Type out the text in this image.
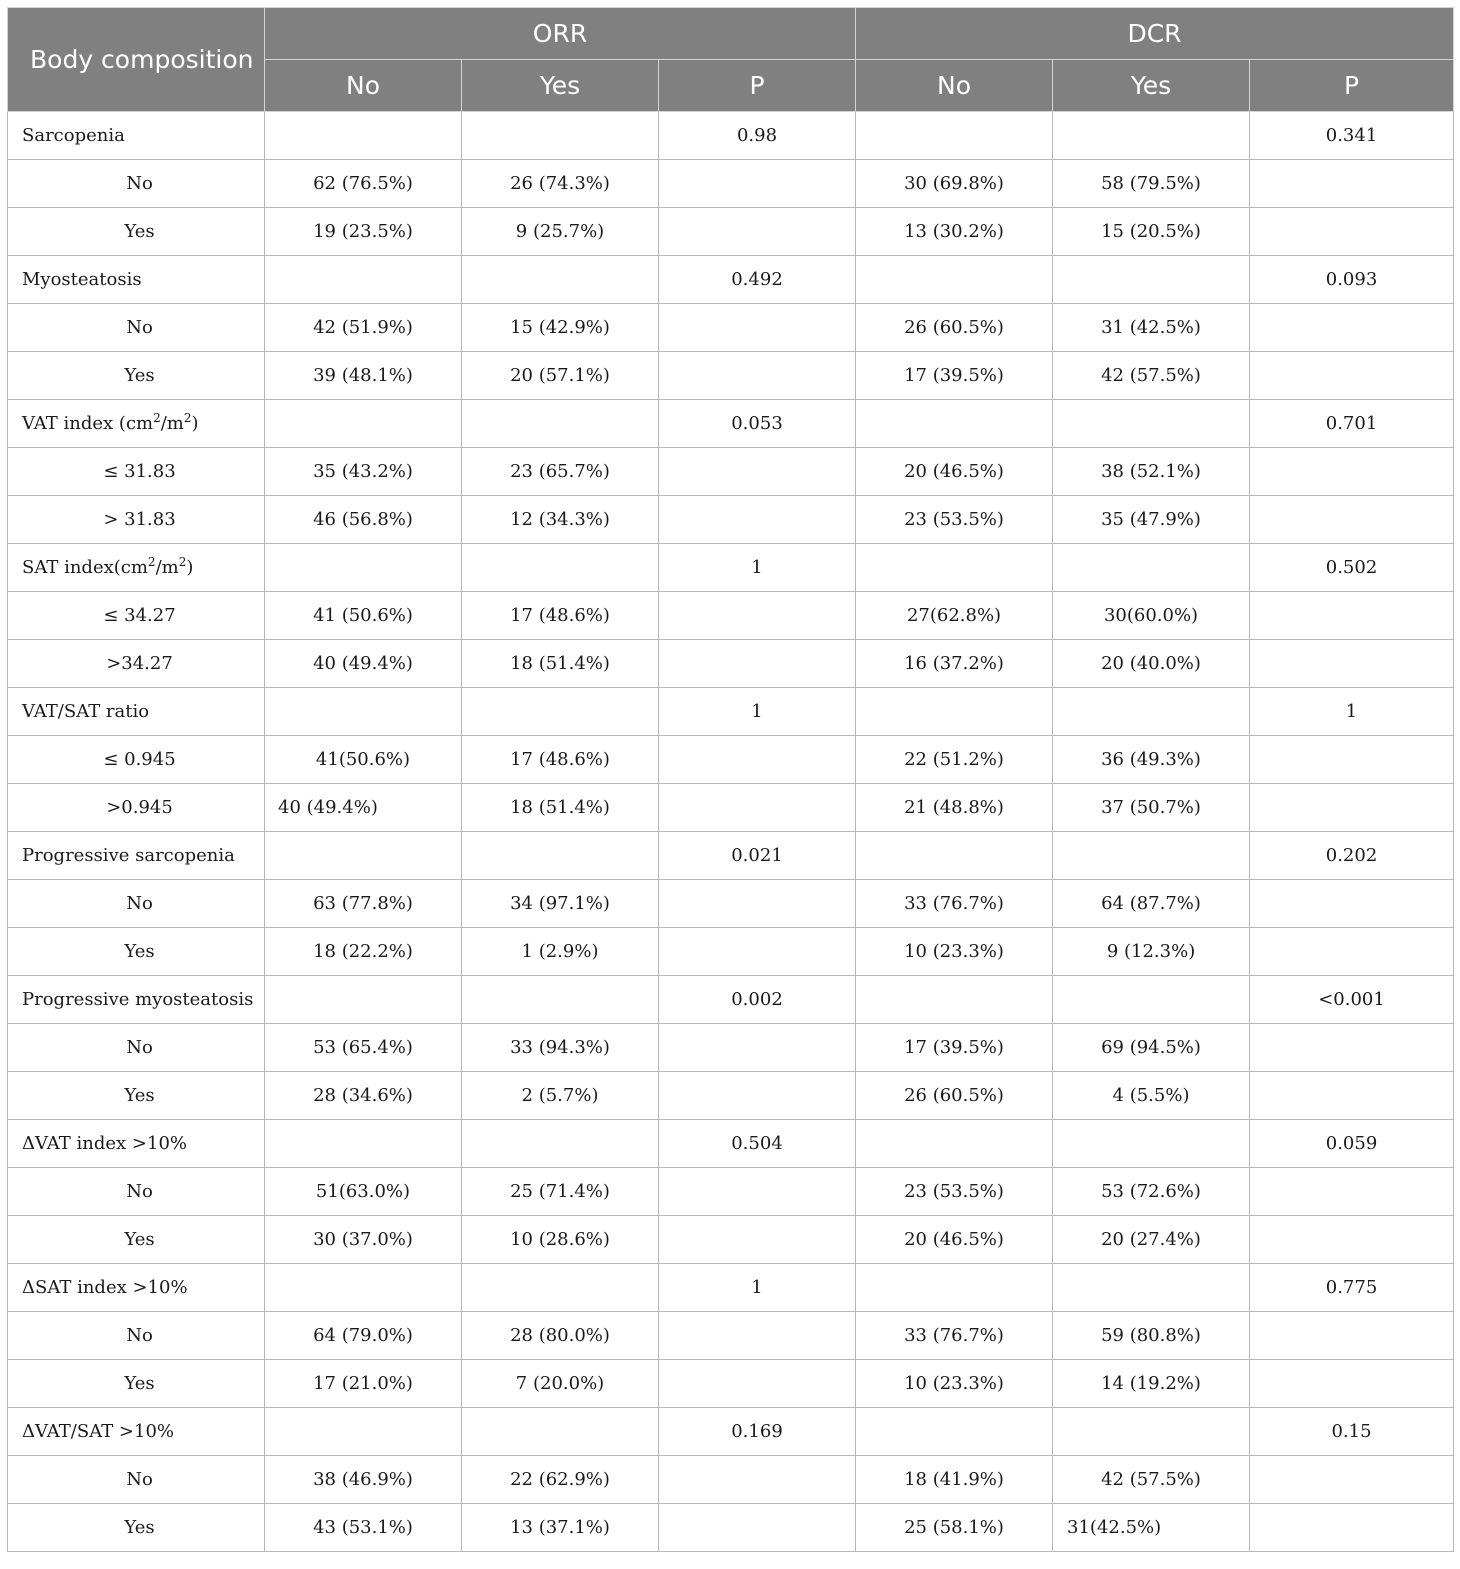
Body composition	ORR			DCR		
	No	Yes	P	No	Yes	P
Sarcopenia			0.98			0.341
No	62 (76.5%)	26 (74.3%)		30 (69.8%)	58 (79.5%)	
Yes	19 (23.5%)	9 (25.7%)		13 (30.2%)	15 (20.5%)	
Myosteatosis			0.492			0.093
No	42 (51.9%)	15 (42.9%)		26 (60.5%)	31 (42.5%)	
Yes	39 (48.1%)	20 (57.1%)		17 (39.5%)	42 (57.5%)	
VAT index $(cm^2/m^2)$			0.053			0.701
≤ 31.83	35 (43.2%)	23 (65.7%)		20 (46.5%)	38 (52.1%)	
> 31.83	46 (56.8%)	12 (34.3%)		23 (53.5%)	35 (47.9%)	
SAT $index(cm^2/m^2)$			1			0.502
≤ 34.27	41 (50.6%)	17 (48.6%)		27(62.8%)	30(60.0%)	
>34.27	40 (49.4%)	18 (51.4%)		16 (37.2%)	20 (40.0%)	
VAT/SAT ratio			1			1
≤ 0.945	41(50.6%)	17 (48.6%)		22 (51.2%)	36 (49.3%)	
>0.945	40 (49.4%)	18 (51.4%)		21 (48.8%)	37 (50.7%)	
Progressive sarcopenia			0.021			0.202
No	63 (77.8%)	34 (97.1%)		33 (76.7%)	64 (87.7%)	
Yes	18 (22.2%)	1 (2.9%)		10 (23.3%)	9 (12.3%)	
Progressive myosteatosis			0.002			<0.001
No	53 (65.4%)	33 (94.3%)		17 (39.5%)	69 (94.5%)	
Yes	28 (34.6%)	2 (5.7%)		26 (60.5%)	4 (5.5%)	
ΔVAT index >10%			0.504			0.059
No	51(63.0%)	25 (71.4%)		23 (53.5%)	53 (72.6%)	
Yes	30 (37.0%)	10 (28.6%)		20 (46.5%)	20 (27.4%)	
ΔSAT index >10%			1			0.775
No	64 (79.0%)	28 (80.0%)		33 (76.7%)	59 (80.8%)	
Yes	17 (21.0%)	7 (20.0%)		10 (23.3%)	14 (19.2%)	
ΔVAT/SAT >10%			0.169			0.15
No	38 (46.9%)	22 (62.9%)		18 (41.9%)	42 (57.5%)	
Yes	43 (53.1%)	13 (37.1%)		25 (58.1%)	31(42.5%)	
